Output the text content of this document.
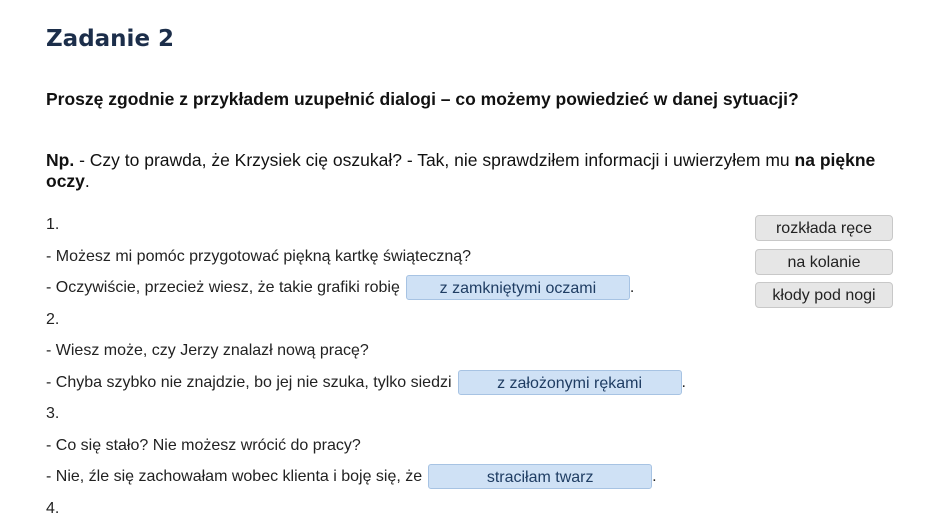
Zadanie 2

Proszę zgodnie z przykładem uzupełnić dialogi – co możemy powiedzieć w danej sytuacji?

Np. - Czy to prawda, że Krzysiek cię oszukał? - Tak, nie sprawdziłem informacji i uwierzyłem mu na piękne oczy.

1.
- Możesz mi pomóc przygotować piękną kartkę świąteczną?
- Oczywiście, przecież wiesz, że takie grafiki robię z zamkniętymi oczami .
2.
- Wiesz może, czy Jerzy znalazł nową pracę?
- Chyba szybko nie znajdzie, bo jej nie szuka, tylko siedzi	z założonymi rękami .
3.
- Co się stało? Nie możesz wrócić do pracy?
- Nie, źle się zachowałam wobec klienta i boję się, że	straciłam twarz	.
4.
rozkłada ręce
na kolanie
kłody pod nogi
